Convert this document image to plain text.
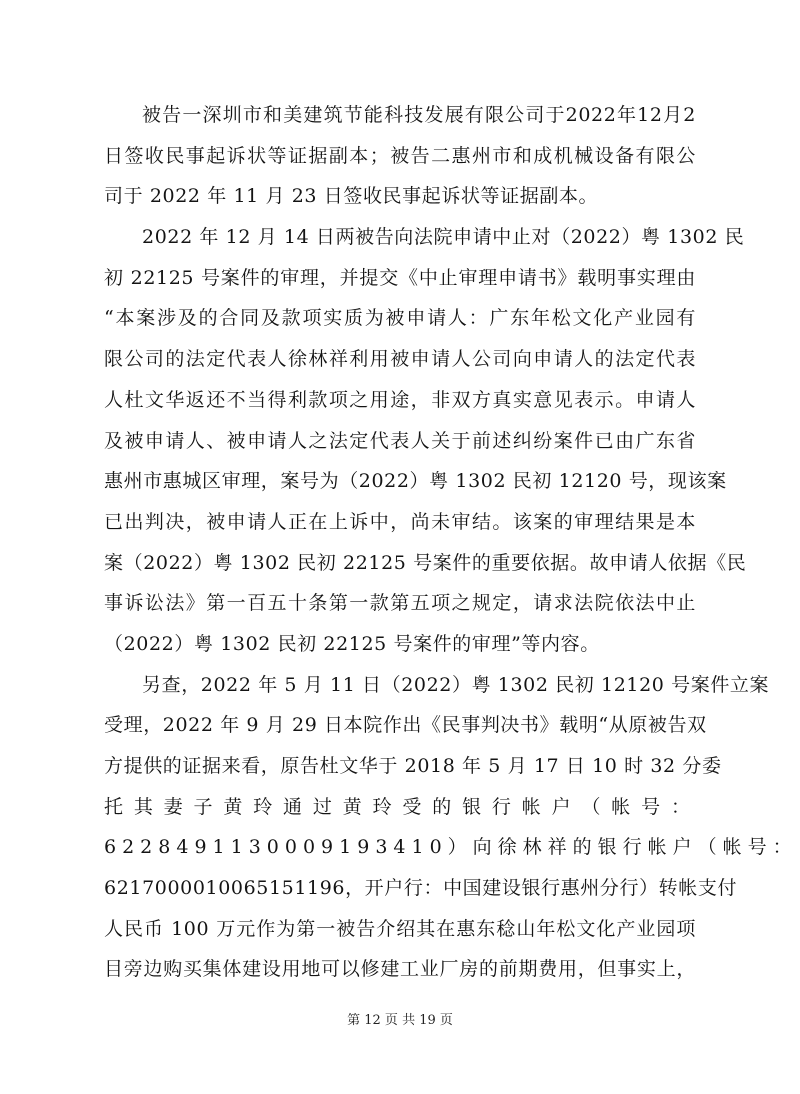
被告一深圳市和美建筑节能科技发展有限公司于2022年12月2
日签收民事起诉状等证据副本；被告二惠州市和成机械设备有限公
司于 2022 年 11 月 23 日签收民事起诉状等证据副本。
2022 年 12 月 14 日两被告向法院申请中止对（2022）粤 1302 民
初 22125 号案件的审理，并提交《中止审理申请书》载明事实理由
“本案涉及的合同及款项实质为被申请人：广东年松文化产业园有
限公司的法定代表人徐林祥利用被申请人公司向申请人的法定代表
人杜文华返还不当得利款项之用途，非双方真实意见表示。申请人
及被申请人、被申请人之法定代表人关于前述纠纷案件已由广东省
惠州市惠城区审理，案号为（2022）粤 1302 民初 12120 号，现该案
已出判决，被申请人正在上诉中，尚未审结。该案的审理结果是本
案（2022）粤 1302 民初 22125 号案件的重要依据。故申请人依据《民
事诉讼法》第一百五十条第一款第五项之规定，请求法院依法中止
（2022）粤 1302 民初 22125 号案件的审理”等内容。
另查，2022 年 5 月 11 日（2022）粤 1302 民初 12120 号案件立案
受理，2022 年 9 月 29 日本院作出《民事判决书》载明“从原被告双
方提供的证据来看，原告杜文华于 2018 年 5 月 17 日 10 时 32 分委
托其妻子黄玲通过黄玲受的银行帐户（帐号：
6228491130009193410）向徐林祥的银行帐户（帐号：
6217000010065151196，开户行：中国建设银行惠州分行）转帐支付
人民币 100 万元作为第一被告介绍其在惠东稔山年松文化产业园项
目旁边购买集体建设用地可以修建工业厂房的前期费用，但事实上，
第 12 页 共 19 页
